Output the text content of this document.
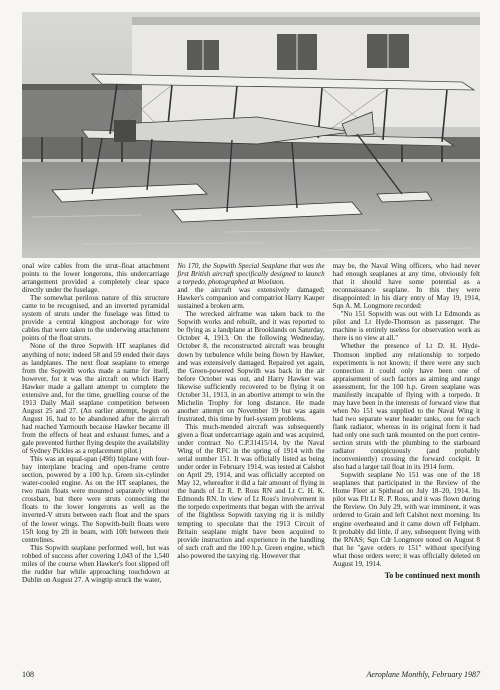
onal wire cables from the strut–float attachment points to the lower longerons, this undercarriage arrangement provided a completely clear space directly under the fuselage.

The somewhat perilous nature of this structure came to be recognised, and an inverted pyramidal system of struts under the fuselage was fitted to provide a central kingpost anchorage for wire cables that were taken to the underwing attachment points of the float struts.

None of the three Sopwith HT seaplanes did anything of note; indeed 58 and 59 ended their days as landplanes. The next float seaplane to emerge from the Sopwith works made a name for itself, however, for it was the aircraft on which Harry Hawker made a gallant attempt to complete the extensive and, for the time, gruelling course of the 1913 Daily Mail seaplane competition between August 25 and 27. (An earlier attempt, begun on August 16, had to be abandoned after the aircraft had reached Yarmouth because Hawker became ill from the effects of heat and exhaust fumes, and a gale prevented further flying despite the availability of Sydney Pickles as a replacement pilot.)

This was an equal-span (49ft) biplane with four-bay interplane bracing and open-frame centre section, powered by a 100 h.p. Green six-cylinder water-cooled engine. As on the HT seaplanes, the two main floats were mounted separately without crossbars, but there were struts connecting the floats to the lower longerons as well as the inverted-V struts between each float and the spars of the lower wings. The Sopwith-built floats were 15ft long by 2ft in beam, with 10ft between their centrelines.

This Sopwith seaplane performed well, but was robbed of success after covering 1,043 of the 1,540 miles of the course when Hawker's foot slipped off the rudder bar while approaching touchdown at Dublin on August 27. A wingtip struck the water,

No 170, the Sopwith Special Seaplane that was the first British aircraft specifically designed to launch a torpedo, photographed at Woolston.

and the aircraft was extensively damaged; Hawker's companion and compatriot Harry Kauper sustained a broken arm.

The wrecked airframe was taken back to the Sopwith works and rebuilt, and it was reported to be flying as a landplane at Brooklands on Saturday, October 4, 1913. On the following Wednesday, October 8, the reconstructed aircraft was brought down by turbulence while being flown by Hawker, and was extensively damaged. Repaired yet again, the Green-powered Sopwith was back in the air before October was out, and Harry Hawker was likewise sufficiently recovered to be flying it on October 31, 1913, in an abortive attempt to win the Michelin Trophy for long distance. He made another attempt on November 19 but was again frustrated, this time by fuel-system problems.

This much-mended aircraft was subsequently given a float undercarriage again and was acquired, under contract No C.P.31415/14, by the Naval Wing of the RFC in the spring of 1914 with the serial number 151. It was officially listed as being under order in February 1914, was tested at Calshot on April 29, 1914, and was officially accepted on May 12, whereafter it did a fair amount of flying in the hands of Lt R. P. Ross RN and Lt C. H. K. Edmonds RN. In view of Lt Ross's involvement in the torpedo experiments that began with the arrival of the flightless Sopwith taxying rig it is mildly tempting to speculate that the 1913 Circuit of Britain seaplane might have been acquired to provide instruction and experience in the handling of such craft and the 100 h.p. Green engine, which also powered the taxying rig. However that

may be, the Naval Wing officers, who had never had enough seaplanes at any time, obviously felt that it should have some potential as a reconnaissance seaplane. In this they were disappointed: in his diary entry of May 19, 1914, Sqn A. M. Longmore recorded:

"No 151 Sopwith was out with Lt Edmonds as pilot and Lt Hyde-Thomson as passenger. The machine is entirely useless for observation work as there is no view at all."

Whether the presence of Lt D. H. Hyde-Thomson implied any relationship to torpedo experiments is not known; if there were any such connection it could only have been one of appraisement of such factors as aiming and range assessment, for the 100 h.p. Green seaplane was manifestly incapable of flying with a torpedo. It may have been in the interests of forward view that when No 151 was supplied to the Naval Wing it had two separate water header tanks, one for each flank radiator, whereas in its original form it had had only one such tank mounted on the port centre-section struts with the plumbing to the starboard radiator conspicuously (and probably inconveniently) crossing the forward cockpit. It also had a larger tail float in its 1914 form.

Sopwith seaplane No 151 was one of the 18 seaplanes that participated in the Review of the Home Fleet at Spithead on July 18–20, 1914. Its pilot was Flt Lt R. P. Ross, and it was flown during the Review. On July 29, with war imminent, it was ordered to Grain and left Calshot next morning. Its engine overheated and it came down off Felpham. It probably did little, if any, subsequent flying with the RNAS; Sqn Cdr Longmore noted on August 8 that he "gave orders re 151" without specifying what those orders were; it was officially deleted on August 19, 1914.

To be continued next month
108	Aeroplane Monthly, February 1987
